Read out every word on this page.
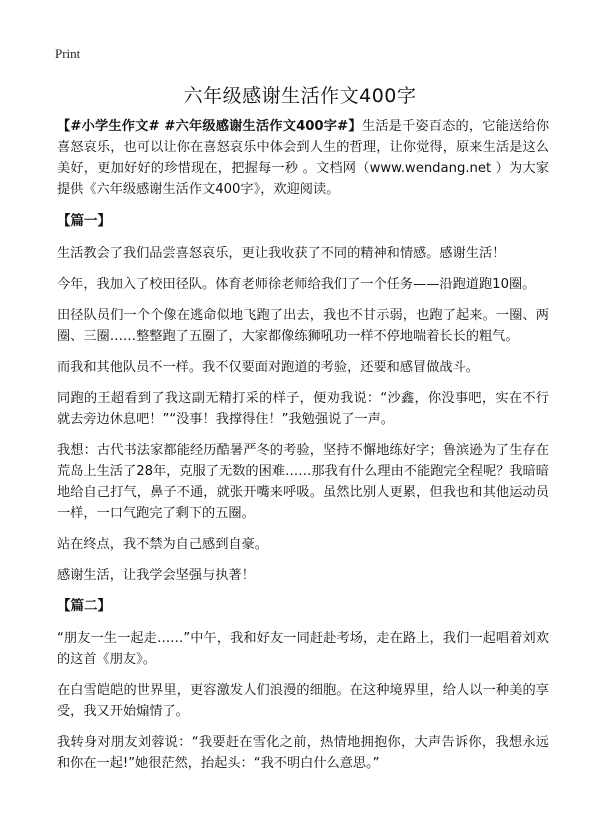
Print
六年级感谢生活作文400字

【#小学生作文# #六年级感谢生活作文400字#】生活是千姿百态的，它能送给你喜怒哀乐，也可以让你在喜怒哀乐中体会到人生的哲理，让你觉得，原来生活是这么美好，更加好好的珍惜现在，把握每一秒 。文档网（www.wendang.net ）为大家提供《六年级感谢生活作文400字》，欢迎阅读。

【篇一】

生活教会了我们品尝喜怒哀乐，更让我收获了不同的精神和情感。感谢生活！

今年，我加入了校田径队。体育老师徐老师给我们了一个任务——沿跑道跑10圈。

田径队员们一个个像在逃命似地飞跑了出去，我也不甘示弱，也跑了起来。一圈、两圈、三圈……整整跑了五圈了，大家都像练狮吼功一样不停地喘着长长的粗气。

而我和其他队员不一样。我不仅要面对跑道的考验，还要和感冒做战斗。

同跑的王超看到了我这副无精打采的样子，便劝我说：“沙鑫，你没事吧，实在不行就去旁边休息吧！”“没事！我撑得住！”我勉强说了一声。

我想：古代书法家都能经历酷暑严冬的考验，坚持不懈地练好字；鲁滨逊为了生存在荒岛上生活了28年，克服了无数的困难……那我有什么理由不能跑完全程呢？我暗暗地给自己打气，鼻子不通，就张开嘴来呼吸。虽然比别人更累，但我也和其他运动员一样，一口气跑完了剩下的五圈。

站在终点，我不禁为自己感到自豪。

感谢生活，让我学会坚强与执著！

【篇二】

“朋友一生一起走……”中午，我和好友一同赶赴考场，走在路上，我们一起唱着刘欢的这首《朋友》。

在白雪皑皑的世界里，更容激发人们浪漫的细胞。在这种境界里，给人以一种美的享受，我又开始煽情了。

我转身对朋友刘蓉说：“我要赶在雪化之前，热情地拥抱你，大声告诉你，我想永远和你在一起!”她很茫然，抬起头：“我不明白什么意思。”
